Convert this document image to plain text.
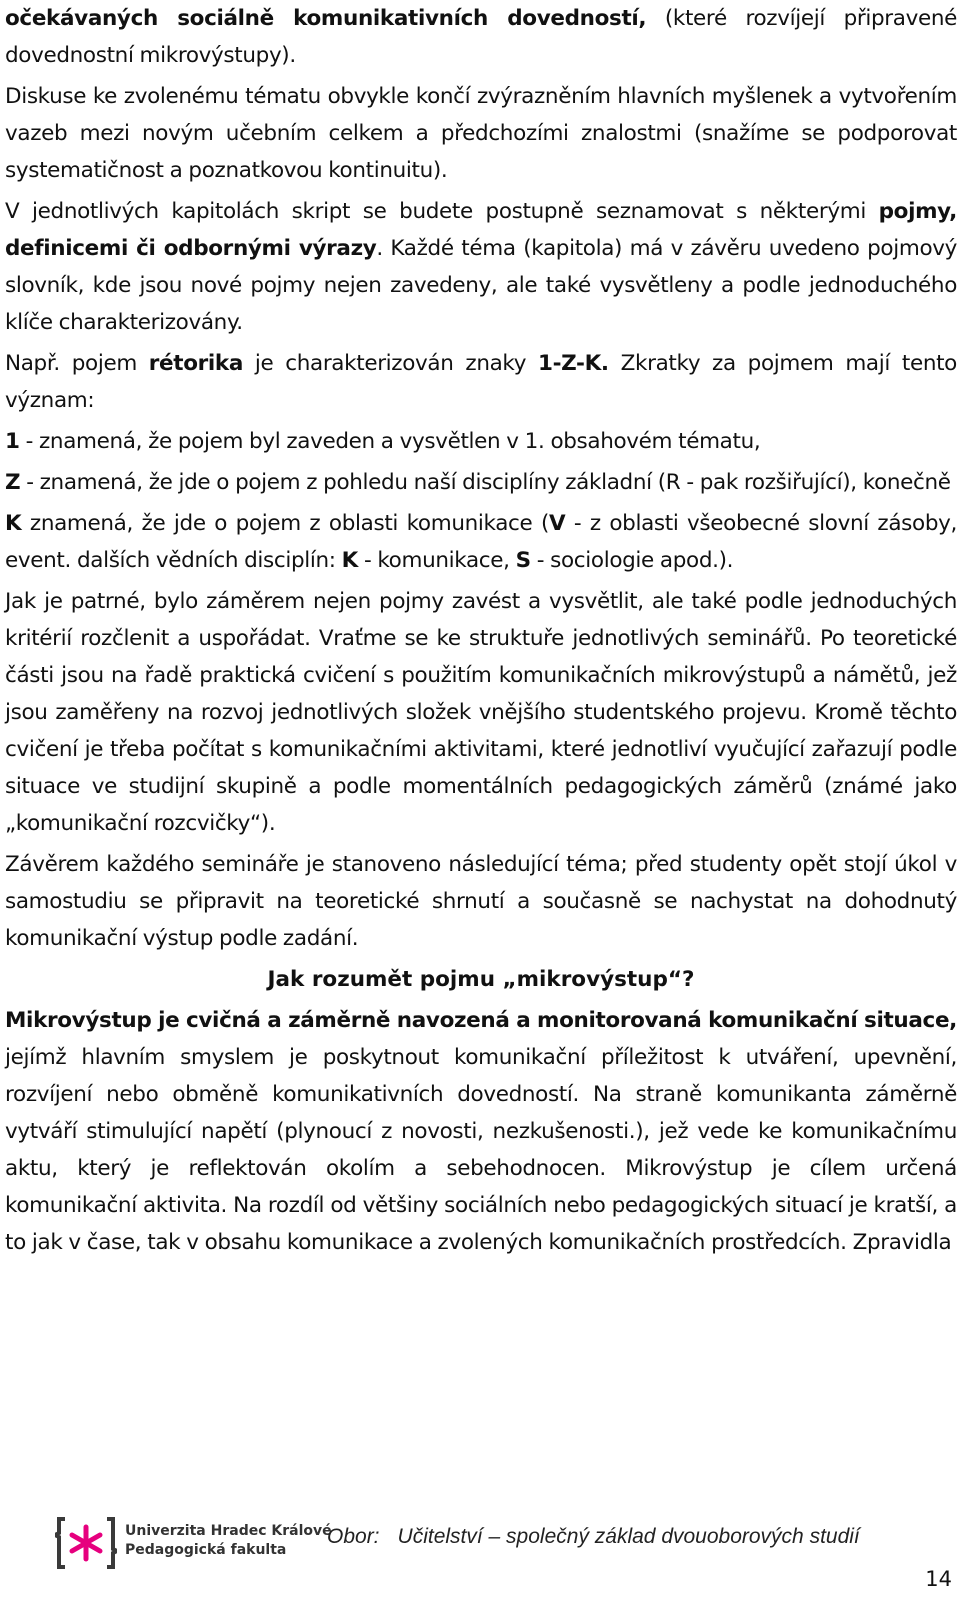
očekávaných sociálně komunikativních dovedností, (které rozvíjejí připravené dovednostní mikrovýstupy).
Diskuse ke zvolenému tématu obvykle končí zvýrazněním hlavních myšlenek a vytvořením vazeb mezi novým učebním celkem a předchozími znalostmi (snažíme se podporovat systematičnost a poznatkovou kontinuitu).
V jednotlivých kapitolách skript se budete postupně seznamovat s některými pojmy, definicemi či odbornými výrazy. Každé téma (kapitola) má v závěru uvedeno pojmový slovník, kde jsou nové pojmy nejen zavedeny, ale také vysvětleny a podle jednoduchého klíče charakterizovány.
Např. pojem rétorika je charakterizován znaky 1-Z-K. Zkratky za pojmem mají tento význam:
1 - znamená, že pojem byl zaveden a vysvětlen v 1. obsahovém tématu,
Z - znamená, že jde o pojem z pohledu naší disciplíny základní (R - pak rozšiřující), konečně
K znamená, že jde o pojem z oblasti komunikace (V - z oblasti všeobecné slovní zásoby, event. dalších vědních disciplín: K - komunikace, S - sociologie apod.).
Jak je patrné, bylo záměrem nejen pojmy zavést a vysvětlit, ale také podle jednoduchých kritérií rozčlenit a uspořádat. Vraťme se ke struktuře jednotlivých seminářů. Po teoretické části jsou na řadě praktická cvičení s použitím komunikačních mikrovýstupů a námětů, jež jsou zaměřeny na rozvoj jednotlivých složek vnějšího studentského projevu. Kromě těchto cvičení je třeba počítat s komunikačními aktivitami, které jednotliví vyučující zařazují podle situace ve studijní skupině a podle momentálních pedagogických záměrů (známé jako „komunikační rozcvičky“).
Závěrem každého semináře je stanoveno následující téma; před studenty opět stojí úkol v samostudiu se připravit na teoretické shrnutí a současně se nachystat na dohodnutý komunikační výstup podle zadání.
Jak rozumět pojmu „mikrovýstup“?
Mikrovýstup je cvičná a záměrně navozená a monitorovaná komunikační situace, jejímž hlavním smyslem je poskytnout komunikační příležitost k utváření, upevnění, rozvíjení nebo obměně komunikativních dovedností. Na straně komunikanta záměrně vytváří stimulující napětí (plynoucí z novosti, nezkušenosti.), jež vede ke komunikačnímu aktu, který je reflektován okolím a sebehodnocen. Mikrovýstup je cílem určená komunikační aktivita. Na rozdíl od většiny sociálních nebo pedagogických situací je kratší, a to jak v čase, tak v obsahu komunikace a zvolených komunikačních prostředcích. Zpravidla
Univerzita Hradec Králové
Pedagogická fakulta
Obor: Učitelství – společný základ dvouoborových studií
14
